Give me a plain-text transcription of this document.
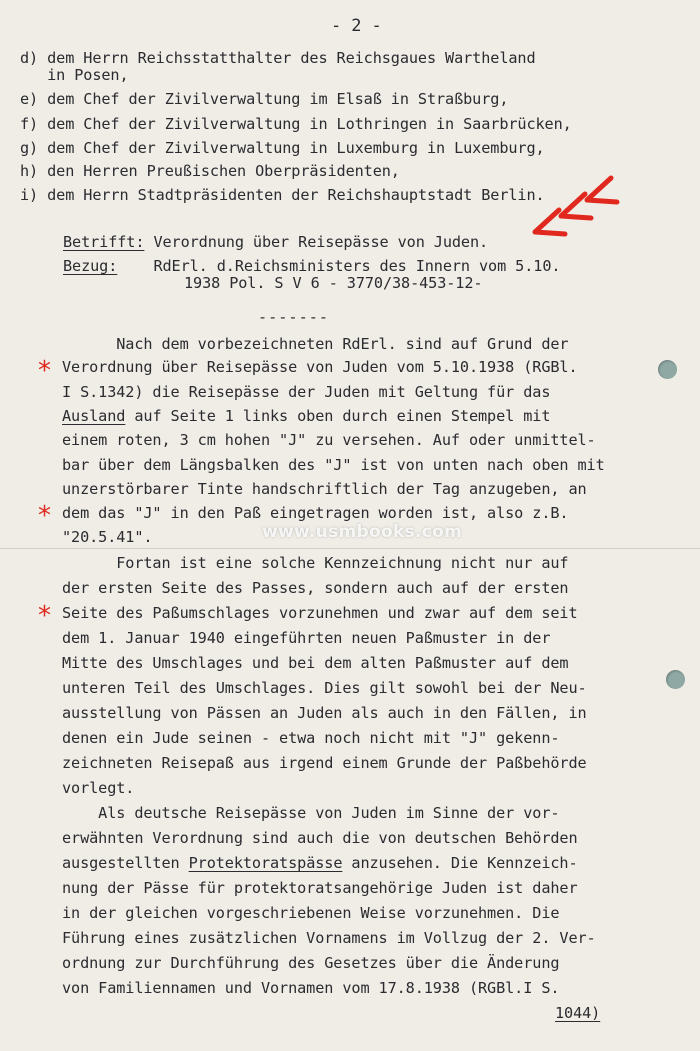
- 2 -
d) dem Herrn Reichsstatthalter des Reichsgaues Wartheland
in Posen,
e) dem Chef der Zivilverwaltung im Elsaß in Straßburg,
f) dem Chef der Zivilverwaltung in Lothringen in Saarbrücken,
g) dem Chef der Zivilverwaltung in Luxemburg in Luxemburg,
h) den Herren Preußischen Oberpräsidenten,
i) dem Herrn Stadtpräsidenten der Reichshauptstadt Berlin.
Betrifft: Verordnung über Reisepässe von Juden.
Bezug:    RdErl. d.Reichsministers des Innern vom 5.10.
1938 Pol. S V 6 - 3770/38-453-12-
-------
Nach dem vorbezeichneten RdErl. sind auf Grund der
Verordnung über Reisepässe von Juden vom 5.10.1938 (RGBl.
I S.1342) die Reisepässe der Juden mit Geltung für das
Ausland auf Seite 1 links oben durch einen Stempel mit
einem roten, 3 cm hohen "J" zu versehen. Auf oder unmittel-
bar über dem Längsbalken des "J" ist von unten nach oben mit
unzerstörbarer Tinte handschriftlich der Tag anzugeben, an
dem das "J" in den Paß eingetragen worden ist, also z.B.
"20.5.41".	www.usmbooks.com
Fortan ist eine solche Kennzeichnung nicht nur auf
der ersten Seite des Passes, sondern auch auf der ersten
Seite des Paßumschlages vorzunehmen und zwar auf dem seit
dem 1. Januar 1940 eingeführten neuen Paßmuster in der
Mitte des Umschlages und bei dem alten Paßmuster auf dem
unteren Teil des Umschlages. Dies gilt sowohl bei der Neu-
ausstellung von Pässen an Juden als auch in den Fällen, in
denen ein Jude seinen - etwa noch nicht mit "J" gekenn-
zeichneten Reisepaß aus irgend einem Grunde der Paßbehörde
vorlegt.
Als deutsche Reisepässe von Juden im Sinne der vor-
erwähnten Verordnung sind auch die von deutschen Behörden
ausgestellten Protektoratspässe anzusehen. Die Kennzeich-
nung der Pässe für protektoratsangehörige Juden ist daher
in der gleichen vorgeschriebenen Weise vorzunehmen. Die
Führung eines zusätzlichen Vornamens im Vollzug der 2. Ver-
ordnung zur Durchführung des Gesetzes über die Änderung
von Familiennamen und Vornamen vom 17.8.1938 (RGBl.I S.
1044)
*
*
*
